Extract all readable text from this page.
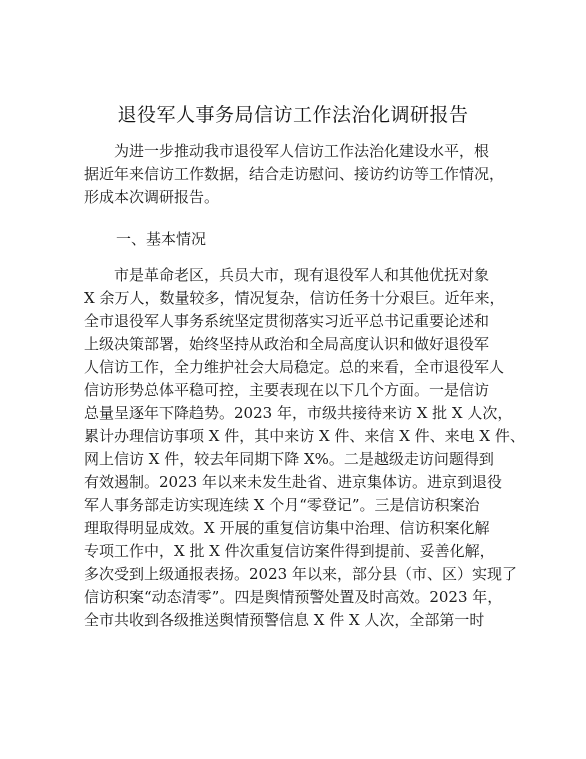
退役军人事务局信访工作法治化调研报告
为进一步推动我市退役军人信访工作法治化建设水平，根
据近年来信访工作数据，结合走访慰问、接访约访等工作情况，
形成本次调研报告。
一、基本情况
市是革命老区，兵员大市，现有退役军人和其他优抚对象
X 余万人，数量较多，情况复杂，信访任务十分艰巨。近年来，
全市退役军人事务系统坚定贯彻落实习近平总书记重要论述和
上级决策部署，始终坚持从政治和全局高度认识和做好退役军
人信访工作，全力维护社会大局稳定。总的来看，全市退役军人
信访形势总体平稳可控，主要表现在以下几个方面。一是信访
总量呈逐年下降趋势。2023 年，市级共接待来访 X 批 X 人次，
累计办理信访事项 X 件，其中来访 X 件、来信 X 件、来电 X 件、
网上信访 X 件，较去年同期下降 X%。二是越级走访问题得到
有效遏制。2023 年以来未发生赴省、进京集体访。进京到退役
军人事务部走访实现连续 X 个月“零登记”。三是信访积案治
理取得明显成效。X 开展的重复信访集中治理、信访积案化解
专项工作中，X 批 X 件次重复信访案件得到提前、妥善化解，
多次受到上级通报表扬。2023 年以来，部分县（市、区）实现了
信访积案“动态清零”。四是舆情预警处置及时高效。2023 年，
全市共收到各级推送舆情预警信息 X 件 X 人次，全部第一时
